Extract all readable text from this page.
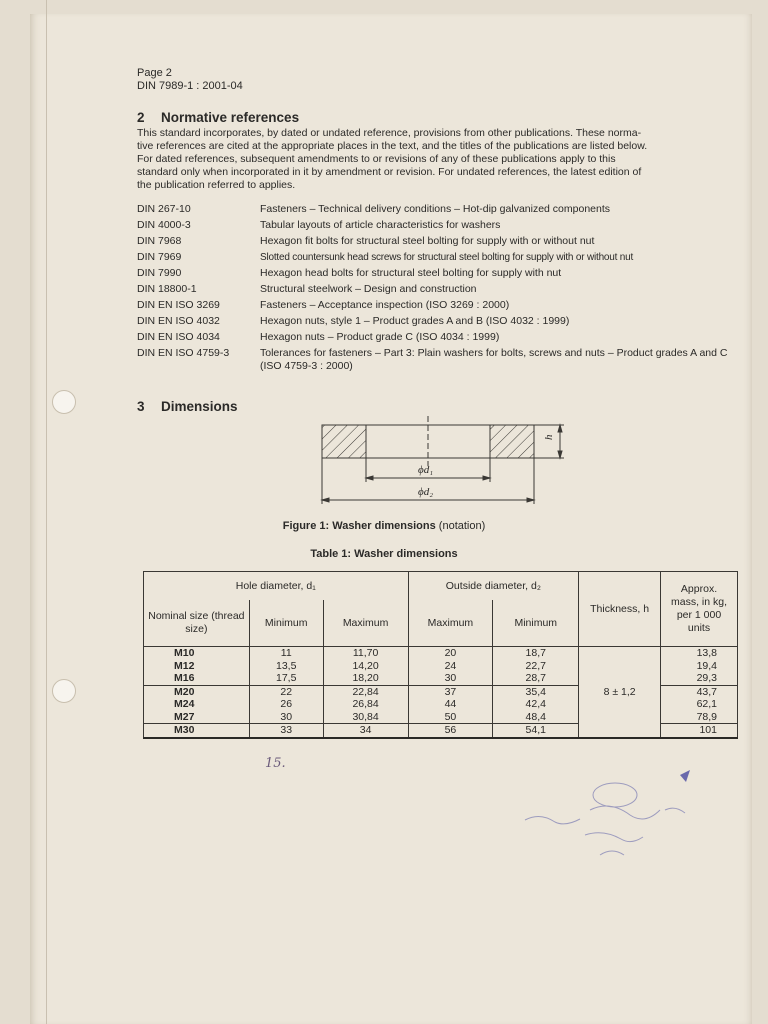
Page 2
DIN 7989-1 : 2001-04
2 Normative references
This standard incorporates, by dated or undated reference, provisions from other publications. These norma-
tive references are cited at the appropriate places in the text, and the titles of the publications are listed below.
For dated references, subsequent amendments to or revisions of any of these publications apply to this
standard only when incorporated in it by amendment or revision. For undated references, the latest edition of
the publication referred to applies.
DIN 267-10	Fasteners – Technical delivery conditions – Hot-dip galvanized components
DIN 4000-3	Tabular layouts of article characteristics for washers
DIN 7968	Hexagon fit bolts for structural steel bolting for supply with or without nut
DIN 7969	Slotted countersunk head screws for structural steel bolting for supply with or without nut
DIN 7990	Hexagon head bolts for structural steel bolting for supply with nut
DIN 18800-1	Structural steelwork – Design and construction
DIN EN ISO 3269	Fasteners – Acceptance inspection (ISO 3269 : 2000)
DIN EN ISO 4032	Hexagon nuts, style 1 – Product grades A and B (ISO 4032 : 1999)
DIN EN ISO 4034	Hexagon nuts – Product grade C (ISO 4034 : 1999)
DIN EN ISO 4759-3	Tolerances for fasteners – Part 3: Plain washers for bolts, screws and nuts – Product grades A and C (ISO 4759-3 : 2000)
3 Dimensions
h
ϕd₁
ϕd₂
Figure 1: Washer dimensions (notation)
Table 1: Washer dimensions
Hole diameter, d₁			Outside diameter, d₂		Thickness, h	Approx. mass, in kg, per 1 000 units
Nominal size (thread size)	Minimum	Maximum	Maximum	Minimum		
M10	11	11,70	20	18,7	8 ± 1,2	13,8
M12	13,5	14,20	24	22,7		19,4
M16	17,5	18,20	30	28,7		29,3
M20	22	22,84	37	35,4		43,7
M24	26	26,84	44	42,4		62,1
M27	30	30,84	50	48,4		78,9
M30	33	34	56	54,1		101
15.
